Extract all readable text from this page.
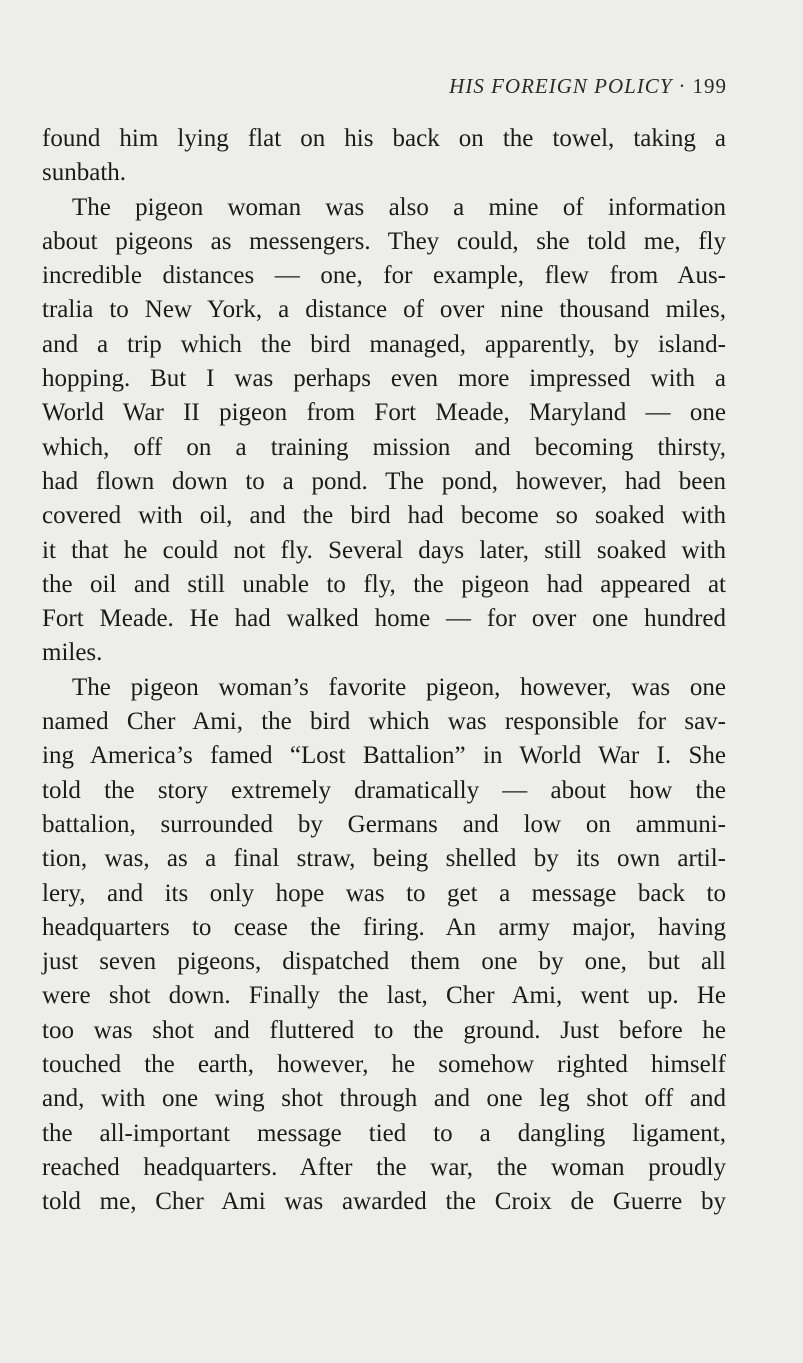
HIS FOREIGN POLICY · 199
found him lying flat on his back on the towel, taking a
sunbath.
The pigeon woman was also a mine of information
about pigeons as messengers. They could, she told me, fly
incredible distances — one, for example, flew from Aus-
tralia to New York, a distance of over nine thousand miles,
and a trip which the bird managed, apparently, by island-
hopping. But I was perhaps even more impressed with a
World War II pigeon from Fort Meade, Maryland — one
which, off on a training mission and becoming thirsty,
had flown down to a pond. The pond, however, had been
covered with oil, and the bird had become so soaked with
it that he could not fly. Several days later, still soaked with
the oil and still unable to fly, the pigeon had appeared at
Fort Meade. He had walked home — for over one hundred
miles.
The pigeon woman’s favorite pigeon, however, was one
named Cher Ami, the bird which was responsible for sav-
ing America’s famed “Lost Battalion” in World War I. She
told the story extremely dramatically — about how the
battalion, surrounded by Germans and low on ammuni-
tion, was, as a final straw, being shelled by its own artil-
lery, and its only hope was to get a message back to
headquarters to cease the firing. An army major, having
just seven pigeons, dispatched them one by one, but all
were shot down. Finally the last, Cher Ami, went up. He
too was shot and fluttered to the ground. Just before he
touched the earth, however, he somehow righted himself
and, with one wing shot through and one leg shot off and
the all-important message tied to a dangling ligament,
reached headquarters. After the war, the woman proudly
told me, Cher Ami was awarded the Croix de Guerre by
